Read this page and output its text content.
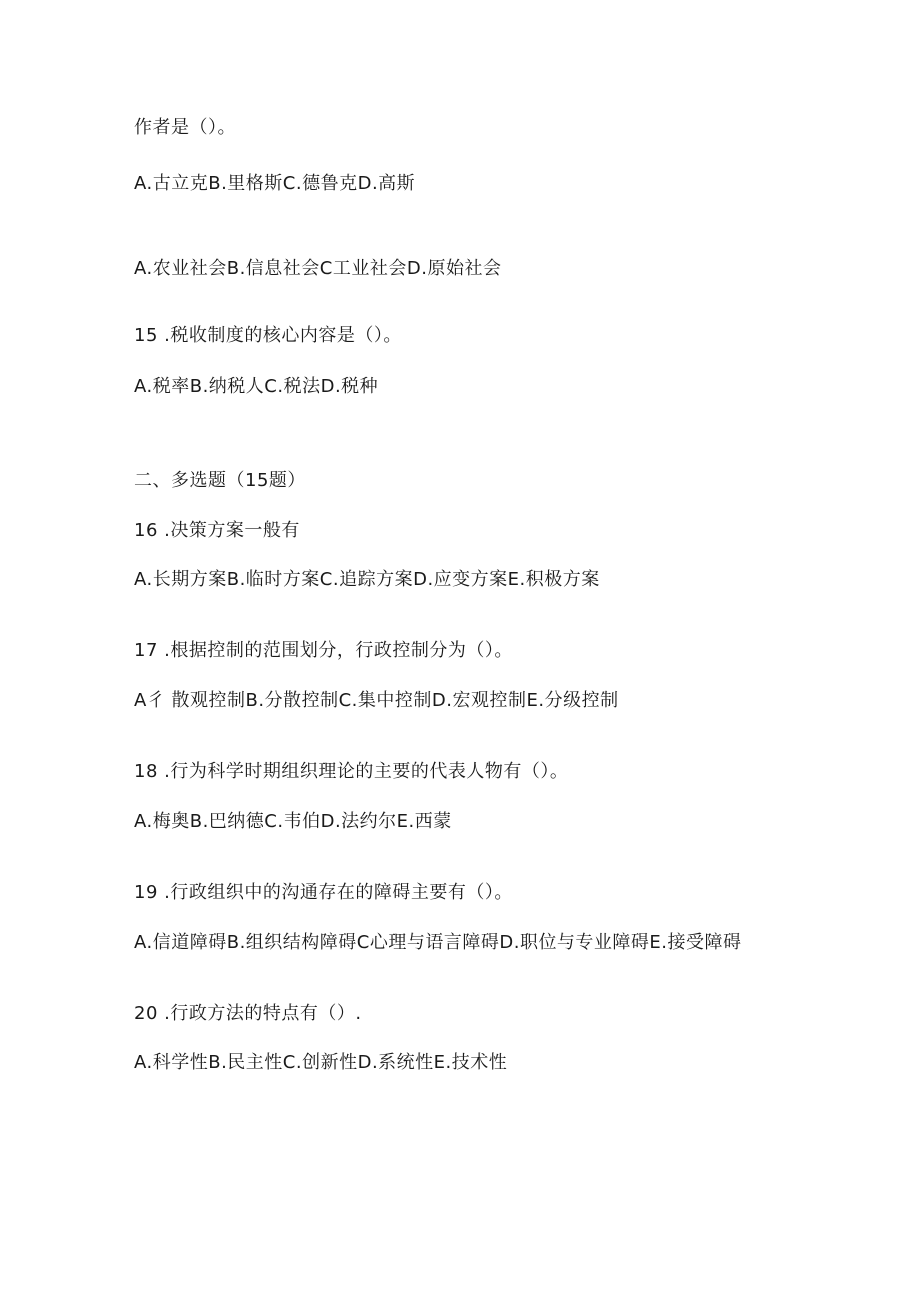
作者是（）。
A.古立克B.里格斯C.德鲁克D.高斯
A.农业社会B.信息社会C工业社会D.原始社会
15 .税收制度的核心内容是（）。
A.税率B.纳税人C.税法D.税种
二、多选题（15题）
16 .决策方案一般有
A.长期方案B.临时方案C.追踪方案D.应变方案E.积极方案
17 .根据控制的范围划分，行政控制分为（）。
A彳 散观控制B.分散控制C.集中控制D.宏观控制E.分级控制
18 .行为科学时期组织理论的主要的代表人物有（）。
A.梅奥B.巴纳德C.韦伯D.法约尔E.西蒙
19 .行政组织中的沟通存在的障碍主要有（）。
A.信道障碍B.组织结构障碍C心理与语言障碍D.职位与专业障碍E.接受障碍
20 .行政方法的特点有（）.
A.科学性B.民主性C.创新性D.系统性E.技术性
